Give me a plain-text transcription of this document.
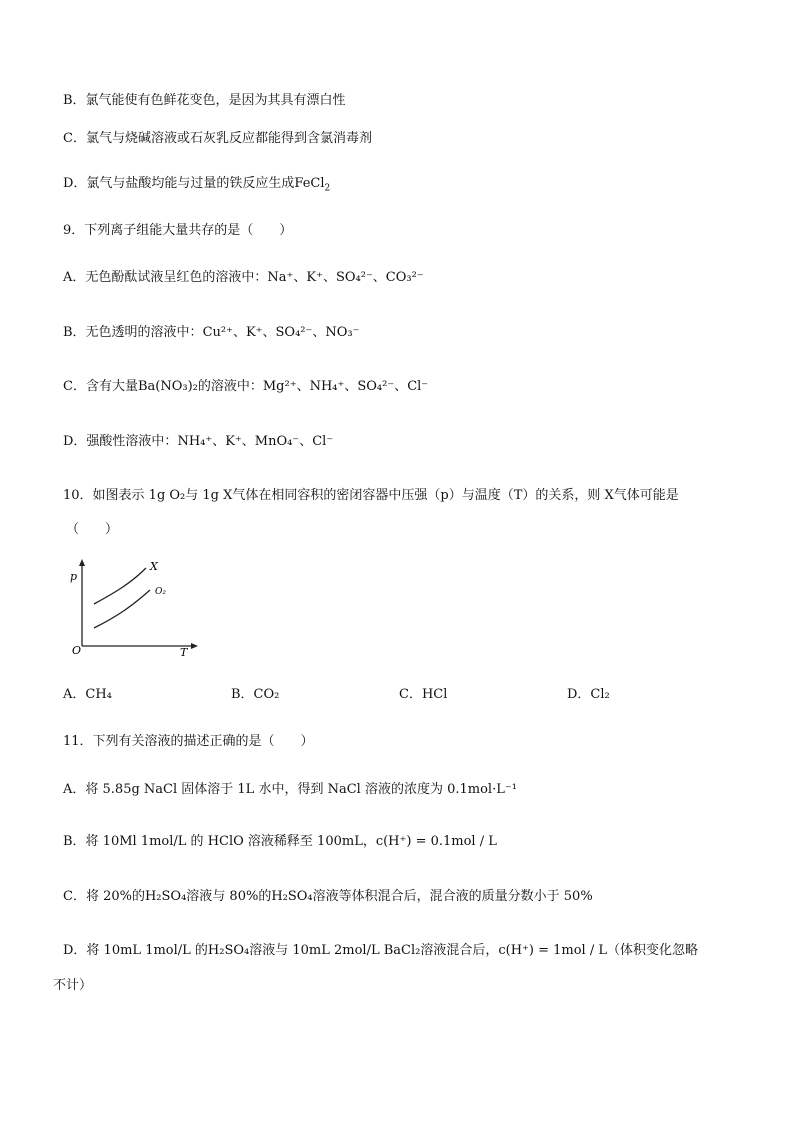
B．氯气能使有色鲜花变色，是因为其具有漂白性
C．氯气与烧碱溶液或石灰乳反应都能得到含氯消毒剂
D．氯气与盐酸均能与过量的铁反应生成FeCl$_2$
9．下列离子组能大量共存的是（　　）
A．无色酚酞试液呈红色的溶液中：Na⁺、K⁺、SO₄²⁻、CO₃²⁻
B．无色透明的溶液中：Cu²⁺、K⁺、SO₄²⁻、NO₃⁻
C．含有大量Ba(NO₃)₂的溶液中：Mg²⁺、NH₄⁺、SO₄²⁻、Cl⁻
D．强酸性溶液中：NH₄⁺、K⁺、MnO₄⁻、Cl⁻
10．如图表示 1g O₂与 1g X气体在相同容积的密闭容器中压强（p）与温度（T）的关系，则 X气体可能是
（　　）
p
T
O
X
O₂
A．CH₄	B．CO₂	C．HCl	D．Cl₂
11．下列有关溶液的描述正确的是（　　）
A．将 5.85g NaCl 固体溶于 1L 水中，得到 NaCl 溶液的浓度为 0.1mol·L⁻¹
B．将 10Ml 1mol/L 的 HClO 溶液稀释至 100mL，c(H⁺) = 0.1mol / L
C．将 20%的H₂SO₄溶液与 80%的H₂SO₄溶液等体积混合后，混合液的质量分数小于 50%
D．将 10mL 1mol/L 的H₂SO₄溶液与 10mL 2mol/L BaCl₂溶液混合后，c(H⁺) = 1mol / L（体积变化忽略
不计）
